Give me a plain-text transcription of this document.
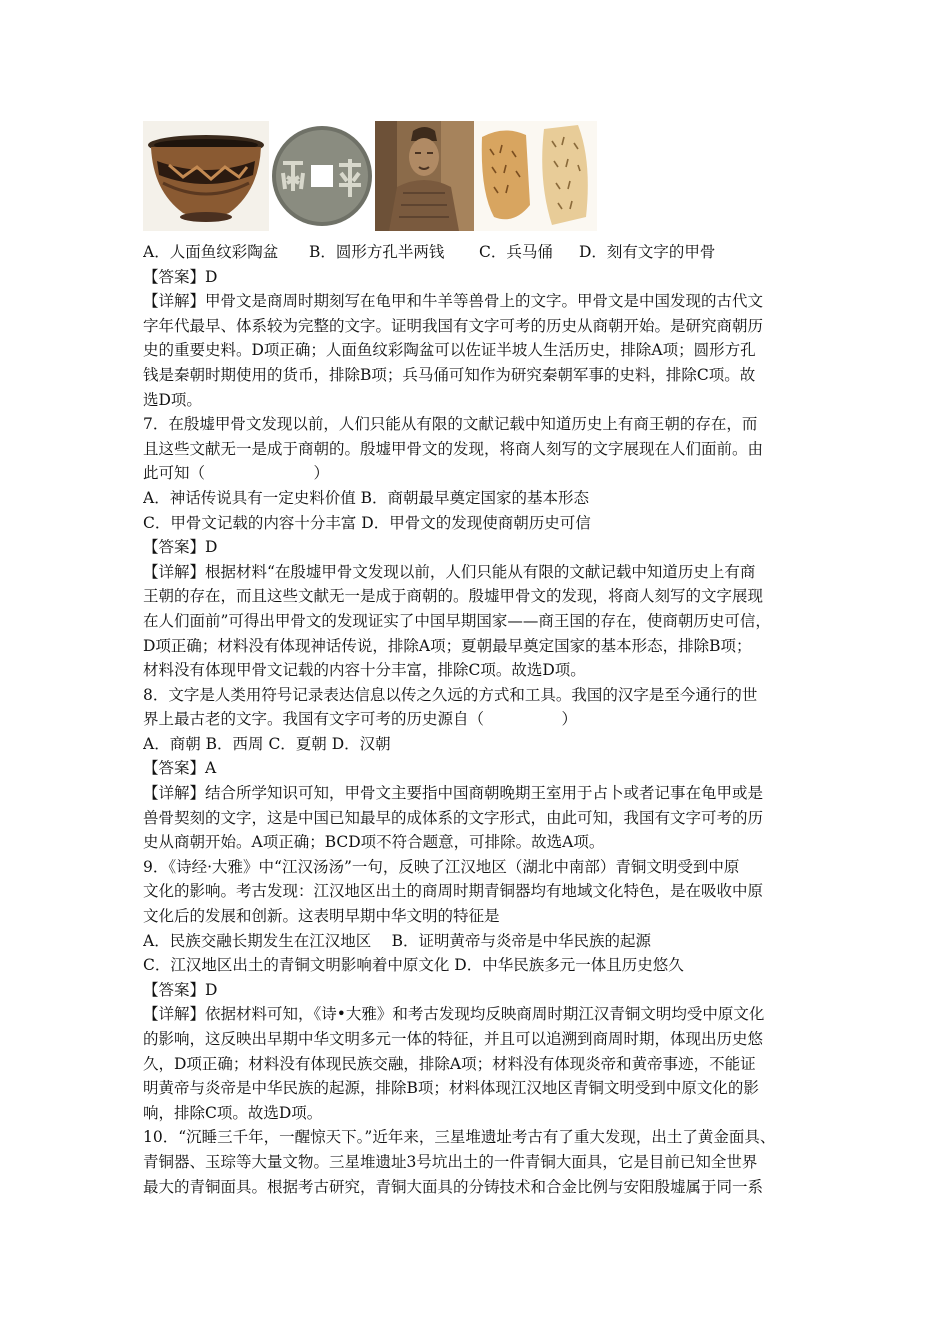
A．人面鱼纹彩陶盆 B．圆形方孔半两钱 C．兵马俑 D．刻有文字的甲骨
【答案】D
【详解】甲骨文是商周时期刻写在龟甲和牛羊等兽骨上的文字。甲骨文是中国发现的古代文
字年代最早、体系较为完整的文字。证明我国有文字可考的历史从商朝开始。是研究商朝历
史的重要史料。D项正确；人面鱼纹彩陶盆可以佐证半坡人生活历史，排除A项；圆形方孔
钱是秦朝时期使用的货币，排除B项；兵马俑可知作为研究秦朝军事的史料，排除C项。故
选D项。
7．在殷墟甲骨文发现以前，人们只能从有限的文献记载中知道历史上有商王朝的存在，而
且这些文献无一是成于商朝的。殷墟甲骨文的发现，将商人刻写的文字展现在人们面前。由
此可知（　　　　　　　）
A．神话传说具有一定史料价值 B．商朝最早奠定国家的基本形态
C．甲骨文记载的内容十分丰富 D．甲骨文的发现使商朝历史可信
【答案】D
【详解】根据材料“在殷墟甲骨文发现以前，人们只能从有限的文献记载中知道历史上有商
王朝的存在，而且这些文献无一是成于商朝的。殷墟甲骨文的发现，将商人刻写的文字展现
在人们面前”可得出甲骨文的发现证实了中国早期国家——商王国的存在，使商朝历史可信，
D项正确；材料没有体现神话传说，排除A项；夏朝最早奠定国家的基本形态，排除B项；
材料没有体现甲骨文记载的内容十分丰富，排除C项。故选D项。
8．文字是人类用符号记录表达信息以传之久远的方式和工具。我国的汉字是至今通行的世
界上最古老的文字。我国有文字可考的历史源自（　　　　　）
A．商朝 B．西周 C．夏朝 D．汉朝
【答案】A
【详解】结合所学知识可知，甲骨文主要指中国商朝晚期王室用于占卜或者记事在龟甲或是
兽骨契刻的文字，这是中国已知最早的成体系的文字形式，由此可知，我国有文字可考的历
史从商朝开始。A项正确；BCD项不符合题意，可排除。故选A项。
9．《诗经·大雅》中“江汉汤汤”一句，反映了江汉地区（湖北中南部）青铜文明受到中原
文化的影响。考古发现：江汉地区出土的商周时期青铜器均有地域文化特色，是在吸收中原
文化后的发展和创新。这表明早期中华文明的特征是
A．民族交融长期发生在江汉地区　 B．证明黄帝与炎帝是中华民族的起源
C．江汉地区出土的青铜文明影响着中原文化 D．中华民族多元一体且历史悠久
【答案】D
【详解】依据材料可知，《诗•大雅》和考古发现均反映商周时期江汉青铜文明均受中原文化
的影响，这反映出早期中华文明多元一体的特征，并且可以追溯到商周时期，体现出历史悠
久，D项正确；材料没有体现民族交融，排除A项；材料没有体现炎帝和黄帝事迹，不能证
明黄帝与炎帝是中华民族的起源，排除B项；材料体现江汉地区青铜文明受到中原文化的影
响，排除C项。故选D项。
10．“沉睡三千年，一醒惊天下。”近年来，三星堆遗址考古有了重大发现，出土了黄金面具、
青铜器、玉琮等大量文物。三星堆遗址3号坑出土的一件青铜大面具，它是目前已知全世界
最大的青铜面具。根据考古研究，青铜大面具的分铸技术和合金比例与安阳殷墟属于同一系
